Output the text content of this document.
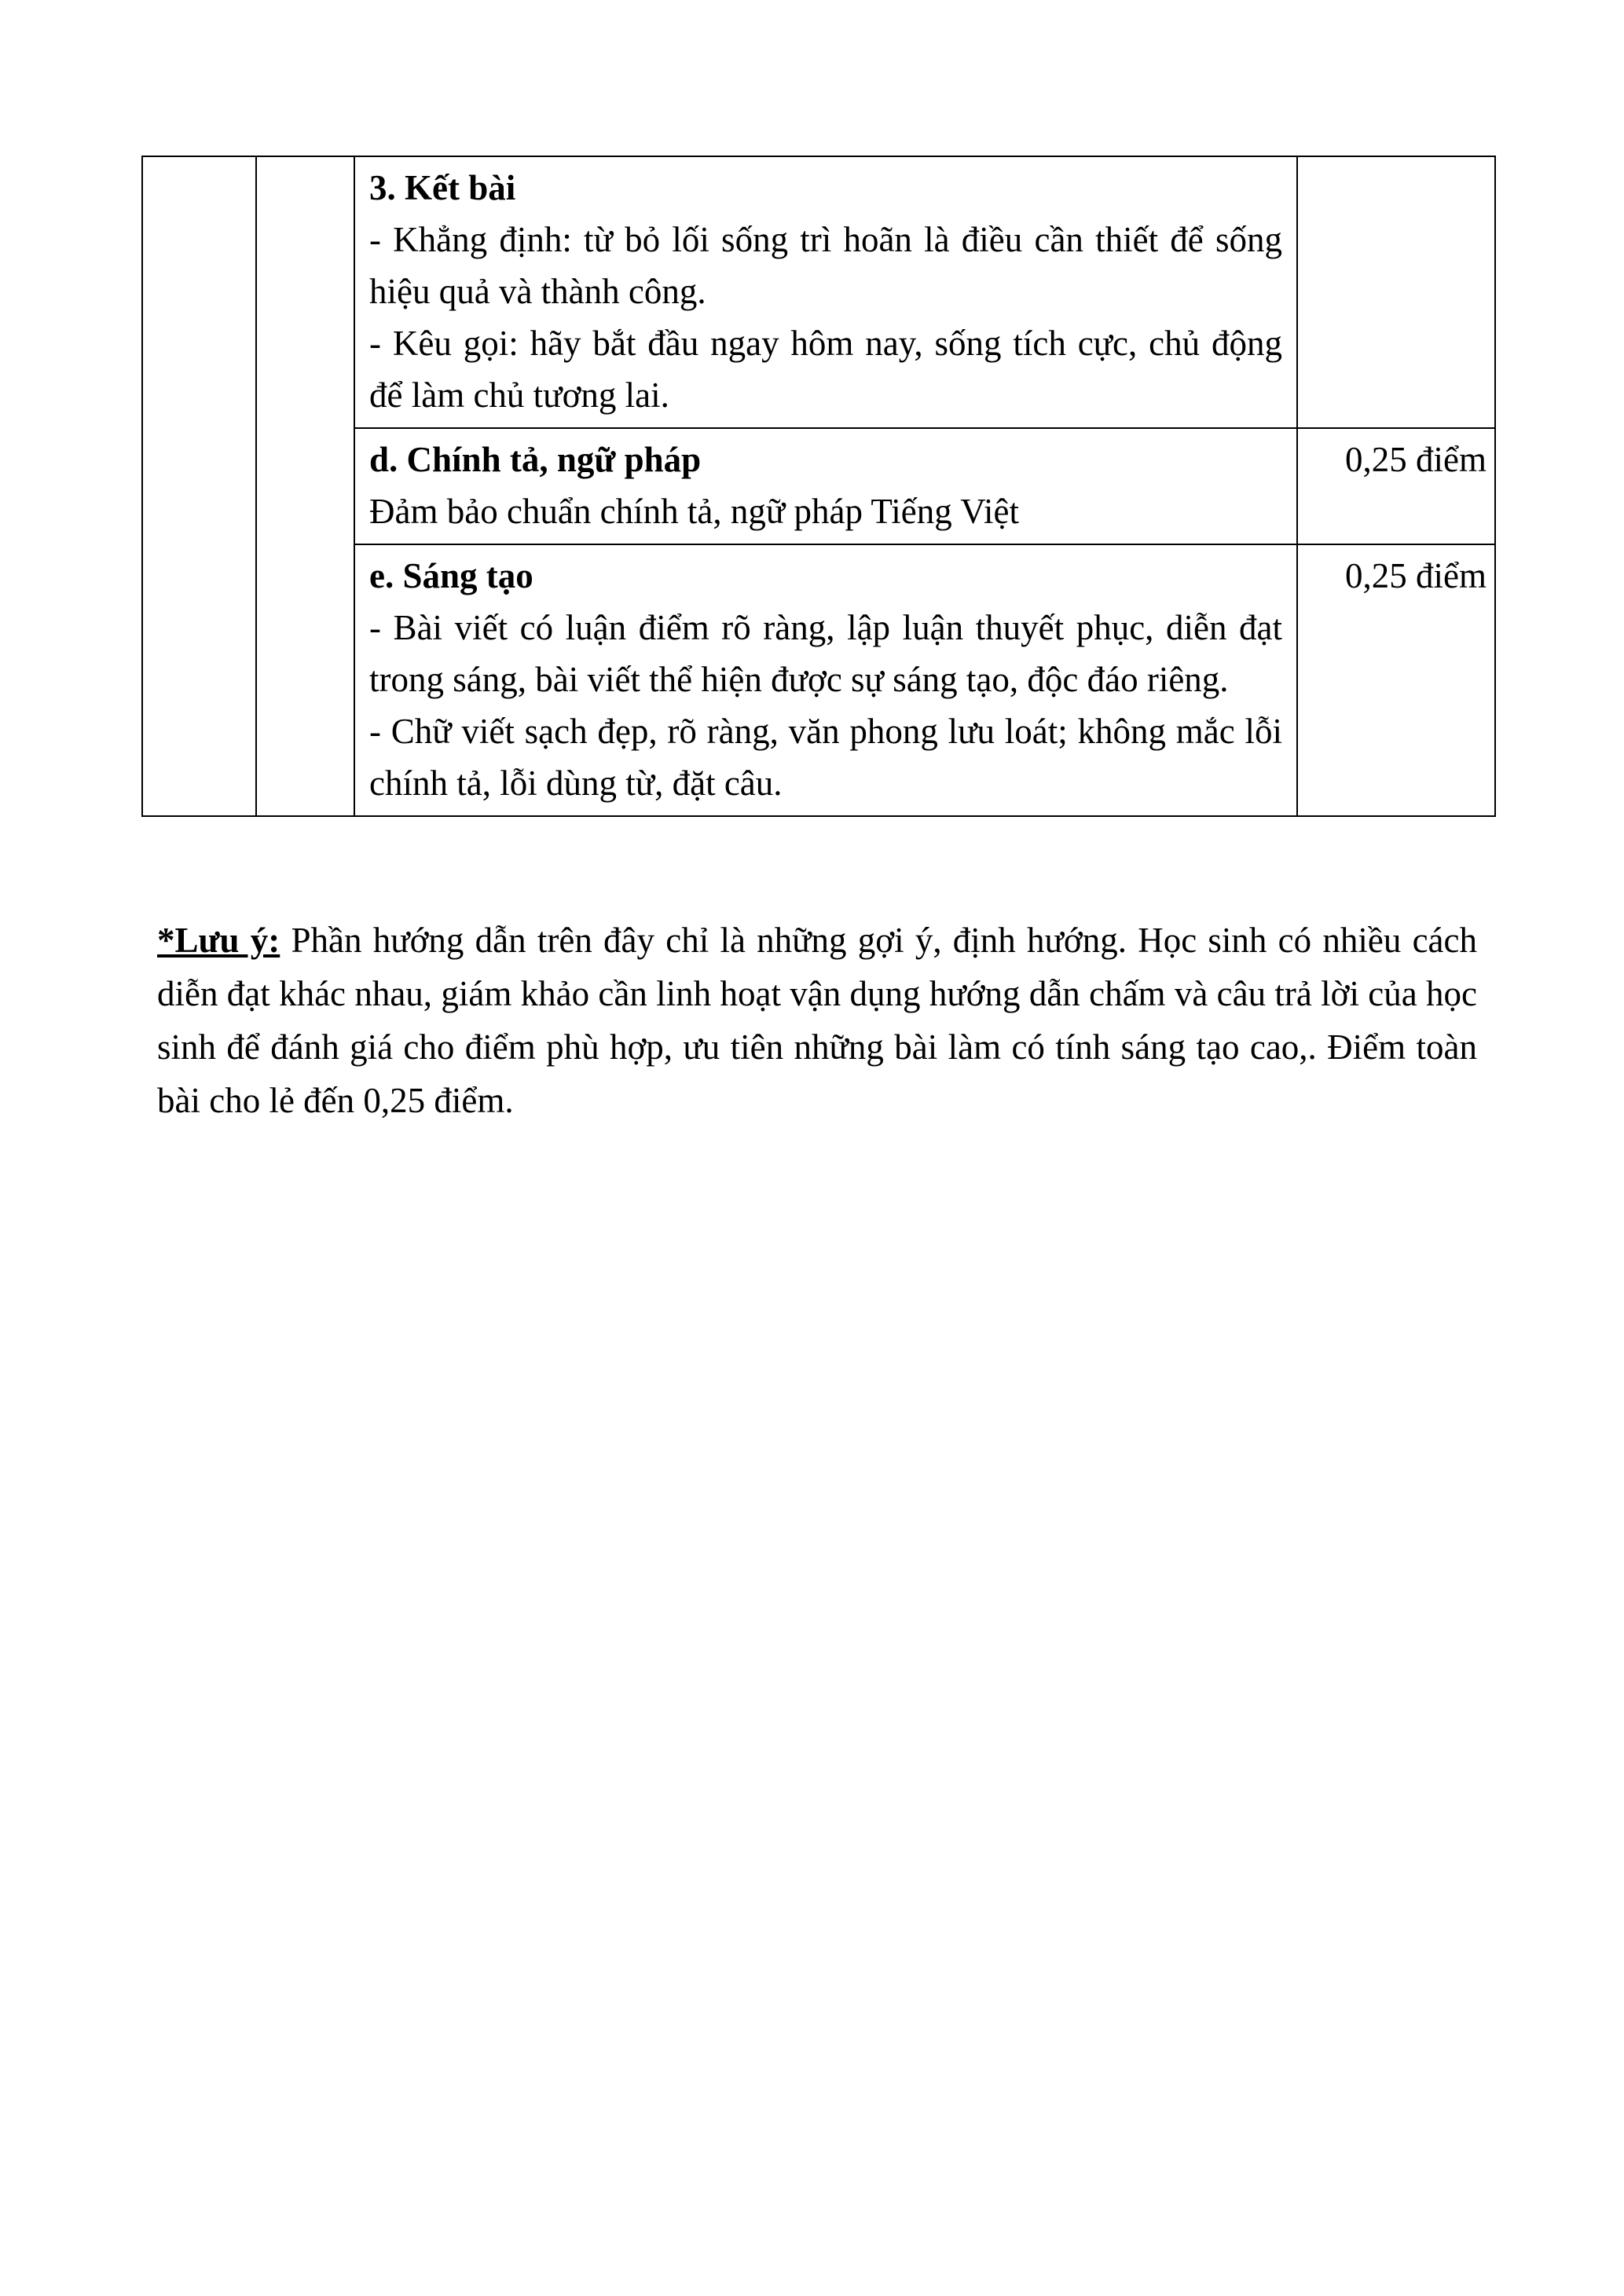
		3. Kết bài
- Khẳng định: từ bỏ lối sống trì hoãn là điều cần thiết để sống hiệu quả và thành công.
- Kêu gọi: hãy bắt đầu ngay hôm nay, sống tích cực, chủ động để làm chủ tương lai.	

		d. Chính tả, ngữ pháp
Đảm bảo chuẩn chính tả, ngữ pháp Tiếng Việt	0,25 điểm

		e. Sáng tạo
- Bài viết có luận điểm rõ ràng, lập luận thuyết phục, diễn đạt trong sáng, bài viết thể hiện được sự sáng tạo, độc đáo riêng.
- Chữ viết sạch đẹp, rõ ràng, văn phong lưu loát; không mắc lỗi chính tả, lỗi dùng từ, đặt câu.	0,25 điểm

*Lưu ý: Phần hướng dẫn trên đây chỉ là những gợi ý, định hướng. Học sinh có nhiều cách diễn đạt khác nhau, giám khảo cần linh hoạt vận dụng hướng dẫn chấm và câu trả lời của học sinh để đánh giá cho điểm phù hợp, ưu tiên những bài làm có tính sáng tạo cao,. Điểm toàn bài cho lẻ đến 0,25 điểm.
